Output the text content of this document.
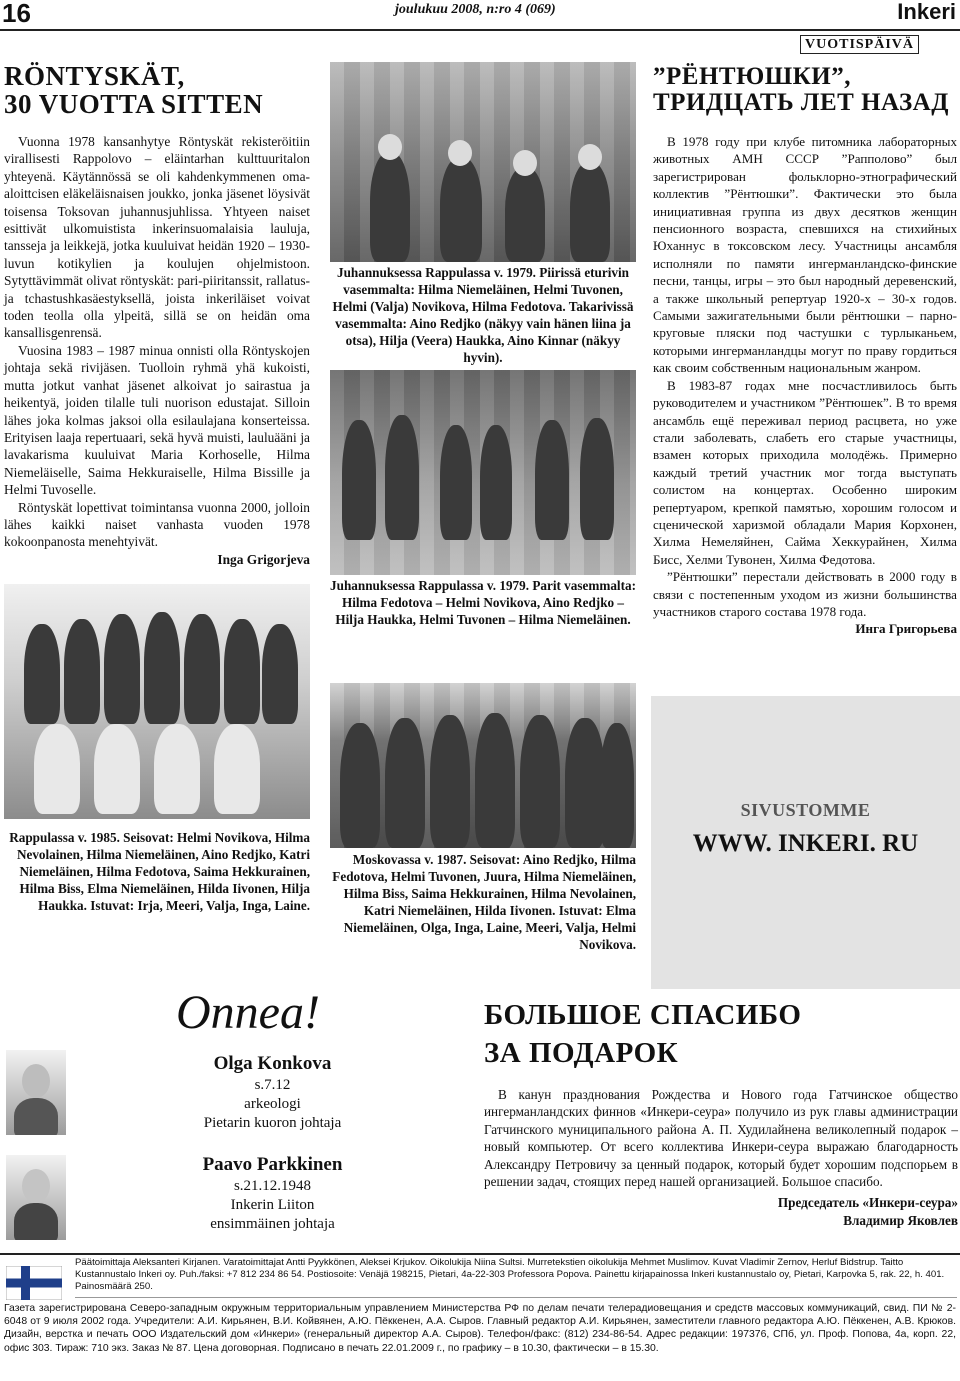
16	joulukuu 2008, n:ro 4 (069)	Inkeri
VUOTISPÄIVÄ
RÖNTYSKÄT,
30 VUOTTA SITTEN

Vuonna 1978 kansanhytye Röntyskät rekisteröitiin virallisesti Rappolovo – eläintarhan kulttuuritalon yhteyenä. Käytännössä se oli kahdenkymmenen oma-aloittcisen eläkeläisnaisen joukko, jonka jäsenet löysivät toisensa Toksovan juhannusjuhlissa. Yhtyeen naiset esittivät ulkomuistista inkerinsuomalaisia lauluja, tansseja ja leikkejä, jotka kuuluivat heidän 1920 – 1930-luvun kotikylien ja koulujen ohjelmistoon. Sytyttävimmät olivat röntyskät: pari-piiritanssit, rallatus- ja tchastushkasäestyksellä, joista inkeriläiset voivat toden teolla olla ylpeitä, sillä se on heidän oma kansallisgenrensä.

Vuosina 1983 – 1987 minua onnisti olla Röntyskojen johtaja sekä rivijäsen. Tuolloin ryhmä yhä kukoisti, mutta jotkut vanhat jäsenet alkoivat jo sairastua ja heikentyä, joiden tilalle tuli nuorison edustajat. Silloin lähes joka kolmas jaksoi olla esilaulajana konserteissa. Erityisen laaja repertuaari, sekä hyvä muisti, lauluääni ja lavakarisma kuuluivat Maria Korhoselle, Hilma Niemeläiselle, Saima Hekkuraiselle, Hilma Bissille ja Helmi Tuvoselle.

Röntyskät lopettivat toimintansa vuonna 2000, jolloin lähes kaikki naiset vanhasta vuoden 1978 kokoonpanosta menehtyivät.

Inga Grigorjeva
Juhannuksessa Rappulassa v. 1979. Piirissä eturivin vasemmalta: Hilma Niemeläinen, Helmi Tuvonen, Helmi (Valja) Novikova, Hilma Fedotova. Takarivissä vasemmalta: Aino Redjko (näkyy vain hänen liina ja otsa), Hilja (Veera) Haukka, Aino Kinnar (näkyy hyvin).
Juhannuksessa Rappulassa v. 1979. Parit vasemmalta: Hilma Fedotova – Helmi Novikova, Aino Redjko – Hilja Haukka, Helmi Tuvonen – Hilma Niemeläinen.
”РЁНТЮШКИ”,
ТРИДЦАТЬ ЛЕТ НАЗАД

В 1978 году при клубе питомника лабораторных животных АМН СССР ”Рапполово” был зарегистрирован фольклорно-этнографический коллектив ”Рёнтюшки”. Фактически это была инициативная группа из двух десятков женщин пенсионного возраста, спевшихся на стихийных Юханнус в токсовском лесу. Участницы ансамбля исполняли по памяти ингерманландско-финские песни, танцы, игры – это был народный деревенский, а также школьный репертуар 1920-х – 30-х годов. Самыми зажигательными были рёнтюшки – парно-круговые пляски под частушки с турлыканьем, которыми ингерманландцы могут по праву гордиться как своим собственным национальным жанром.

В 1983-87 годах мне посчастливилось быть руководителем и участником ”Рёнтюшек”. В то время ансамбль ещё переживал период расцвета, но уже стали заболевать, слабеть его старые участницы, взамен которых приходила молодёжь. Примерно каждый третий участник мог тогда выступать солистом на концертах. Особенно широким репертуаром, крепкой памятью, хорошим голосом и сценической харизмой обладали Мария Корхонен, Хилма Немеляйнен, Сайма Хеккурайнен, Хилма Бисс, Хелми Тувонен, Хилма Федотова.

”Рёнтюшки” перестали действовать в 2000 году в связи с постепенным уходом из жизни большинства участников старого состава 1978 года.

Инга Григорьева
Rappulassa v. 1985. Seisovat: Helmi Novikova, Hilma Nevolainen, Hilma Niemeläinen, Aino Redjko, Katri Niemeläinen, Hilma Fedotova, Saima Hekkurainen, Hilma Biss, Elma Niemeläinen, Hilda Iivonen, Hilja Haukka. Istuvat: Irja, Meeri, Valja, Inga, Laine.
Moskovassa v. 1987. Seisovat: Aino Redjko, Hilma Fedotova, Helmi Tuvonen, Juura, Hilma Niemeläinen, Hilma Biss, Saima Hekkurainen, Hilma Nevolainen, Katri Niemeläinen, Hilda Iivonen. Istuvat: Elma Niemeläinen, Olga, Inga, Laine, Meeri, Valja, Helmi Novikova.
SIVUSTOMME
WWW. INKERI. RU
Onnea!
Olga Konkova
s.7.12
arkeologi
Pietarin kuoron johtaja
Paavo Parkkinen
s.21.12.1948
Inkerin Liiton
ensimmäinen johtaja
БОЛЬШОЕ СПАСИБО
ЗА ПОДАРОК

В канун празднования Рождества и Нового года Гатчинское общество ингерманландских финнов «Инкери-сеура» получило из рук главы администрации Гатчинского муниципального района А. П. Худилайнена великолепный подарок – новый компьютер. От всего коллектива Инкери-сеура выражаю благодарность Александру Петровичу за ценный подарок, который будет хорошим подспорьем в решении задач, стоящих перед нашей организацией. Большое спасибо.

Председатель «Инкери-сеура»
Владимир Яковлев
Päätoimittaja Aleksanteri Kirjanen. Varatoimittajat Antti Pyykkönen, Aleksei Krjukov. Oikolukija Niina Sultsi. Murretekstien oikolukija Mehmet Muslimov. Kuvat Vladimir Zernov, Herluf Bidstrup. Taitto Kustannustalo Inkeri oy. Puh./faksi: +7 812 234 86 54. Postiosoite: Venäjä 198215, Pietari, 4a-22-303 Professora Popova. Painettu kirjapainossa Inkeri kustannustalo oy, Pietari, Karpovka 5, rak. 22, h. 401. Painosmäärä 250.
Газета зарегистрирована Северо-западным окружным территориальным управлением Министерства РФ по делам печати телерадиовещания и средств массовых коммуникаций, свид. ПИ № 2-6048 от 9 июля 2002 года. Учредители: А.И. Кирьянен, В.И. Койвянен, А.Ю. Пёккенен, А.А. Сыров. Главный редактор А.И. Кирьянен, заместители главного редактора А.Ю. Пёккенен, А.В. Крюков. Дизайн, верстка и печать ООО Издательский дом «Инкери» (генеральный директор А.А. Сыров). Телефон/факс: (812) 234-86-54. Адрес редакции: 197376, СПб, ул. Проф. Попова, 4а, корп. 22, офис 303. Тираж: 710 экз. Заказ № 87. Цена договорная. Подписано в печать 22.01.2009 г., по графику – в 10.30, фактически – в 15.30.
